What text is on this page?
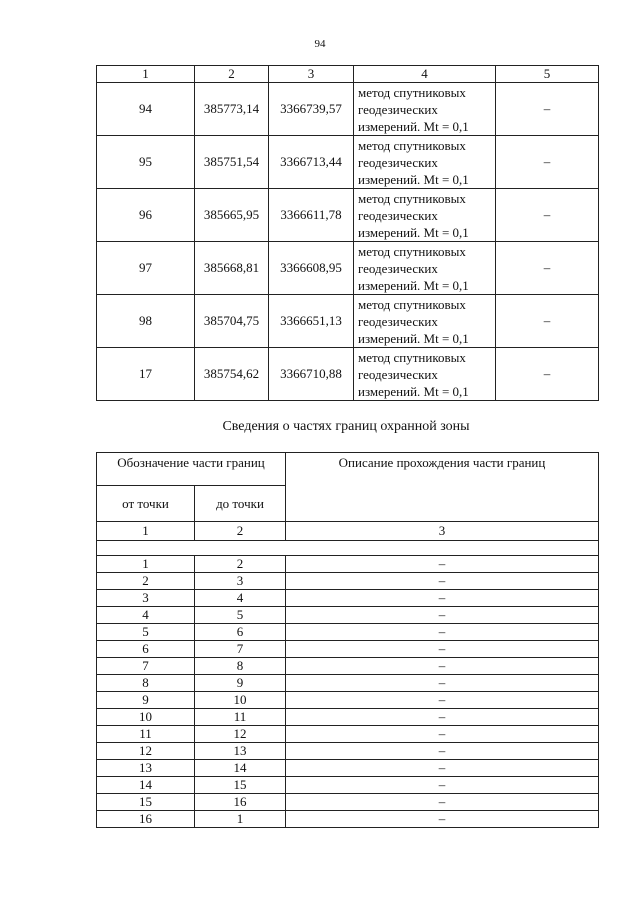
94
1	2	3	4	5
94	385773,14	3366739,57	метод спутниковых
геодезических
измерений. Mt = 0,1	–
95	385751,54	3366713,44	метод спутниковых
геодезических
измерений. Mt = 0,1	–
96	385665,95	3366611,78	метод спутниковых
геодезических
измерений. Mt = 0,1	–
97	385668,81	3366608,95	метод спутниковых
геодезических
измерений. Mt = 0,1	–
98	385704,75	3366651,13	метод спутниковых
геодезических
измерений. Mt = 0,1	–
17	385754,62	3366710,88	метод спутниковых
геодезических
измерений. Mt = 0,1	–
Сведения о частях границ охранной зоны
Обозначение части границ		Описание прохождения части границ
от точки	до точки	
1	2	3

1	2	–
2	3	–
3	4	–
4	5	–
5	6	–
6	7	–
7	8	–
8	9	–
9	10	–
10	11	–
11	12	–
12	13	–
13	14	–
14	15	–
15	16	–
16	1	–
